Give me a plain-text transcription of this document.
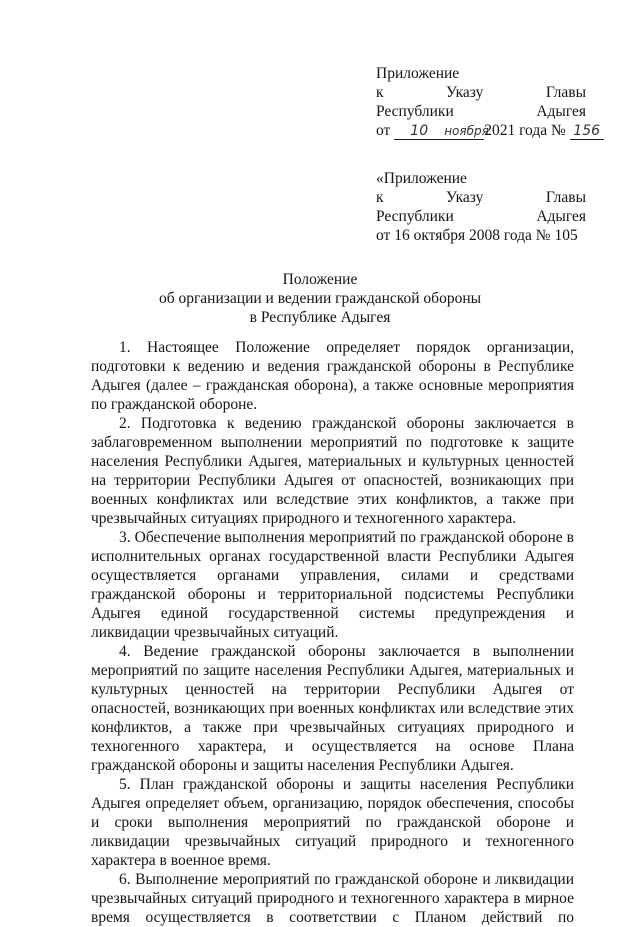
Приложение
к	Указу	Главы
Республики	Адыгея
от 10 ноября2021 года № 156
«Приложение
к	Указу	Главы
Республики	Адыгея
от 16 октября 2008 года № 105
Положение
об организации и ведении гражданской обороны
в Республике Адыгея

1. Настоящее Положение определяет порядок организации, подготовки к ведению и ведения гражданской обороны в Республике Адыгея (далее – гражданская оборона), а также основные мероприятия по гражданской обороне.

2. Подготовка к ведению гражданской обороны заключается в заблаговременном выполнении мероприятий по подготовке к защите населения Республики Адыгея, материальных и культурных ценностей на территории Республики Адыгея от опасностей, возникающих при военных конфликтах или вследствие этих конфликтов, а также при чрезвычайных ситуациях природного и техногенного характера.

3. Обеспечение выполнения мероприятий по гражданской обороне в исполнительных органах государственной власти Республики Адыгея осуществляется органами управления, силами и средствами гражданской обороны и территориальной подсистемы Республики Адыгея единой государственной системы предупреждения и ликвидации чрезвычайных ситуаций.

4. Ведение гражданской обороны заключается в выполнении мероприятий по защите населения Республики Адыгея, материальных и культурных ценностей на территории Республики Адыгея от опасностей, возникающих при военных конфликтах или вследствие этих конфликтов, а также при чрезвычайных ситуациях природного и техногенного характера, и осуществляется на основе Плана гражданской обороны и защиты населения Республики Адыгея.

5. План гражданской обороны и защиты населения Республики Адыгея определяет объем, организацию, порядок обеспечения, способы и сроки выполнения мероприятий по гражданской обороне и ликвидации чрезвычайных ситуаций природного и техногенного характера в военное время.

6. Выполнение мероприятий по гражданской обороне и ликвидации чрезвычайных ситуаций природного и техногенного характера в мирное время осуществляется в соответствии с Планом действий по
